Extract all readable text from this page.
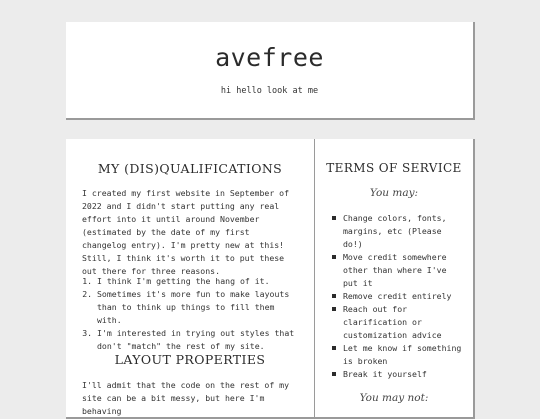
avefree
hi hello look at me
MY (DIS)QUALIFICATIONS

I created my first website in September of 2022 and I didn't start putting any real effort into it until around November (estimated by the date of my first changelog entry). I'm pretty new at this! Still, I think it's worth it to put these out there for three reasons.

1. I think I'm getting the hang of it.
2. Sometimes it's more fun to make layouts than to think up things to fill them with.
3. I'm interested in trying out styles that don't "match" the rest of my site.
LAYOUT PROPERTIES

I'll admit that the code on the rest of my site can be a bit messy, but here I'm behaving

TERMS OF SERVICE
You may:
Change colors, fonts, margins, etc (Please do!)
Move credit somewhere other than where I've put it
Remove credit entirely
Reach out for clarification or customization advice
Let me know if something is broken
Break it yourself
You may not:
